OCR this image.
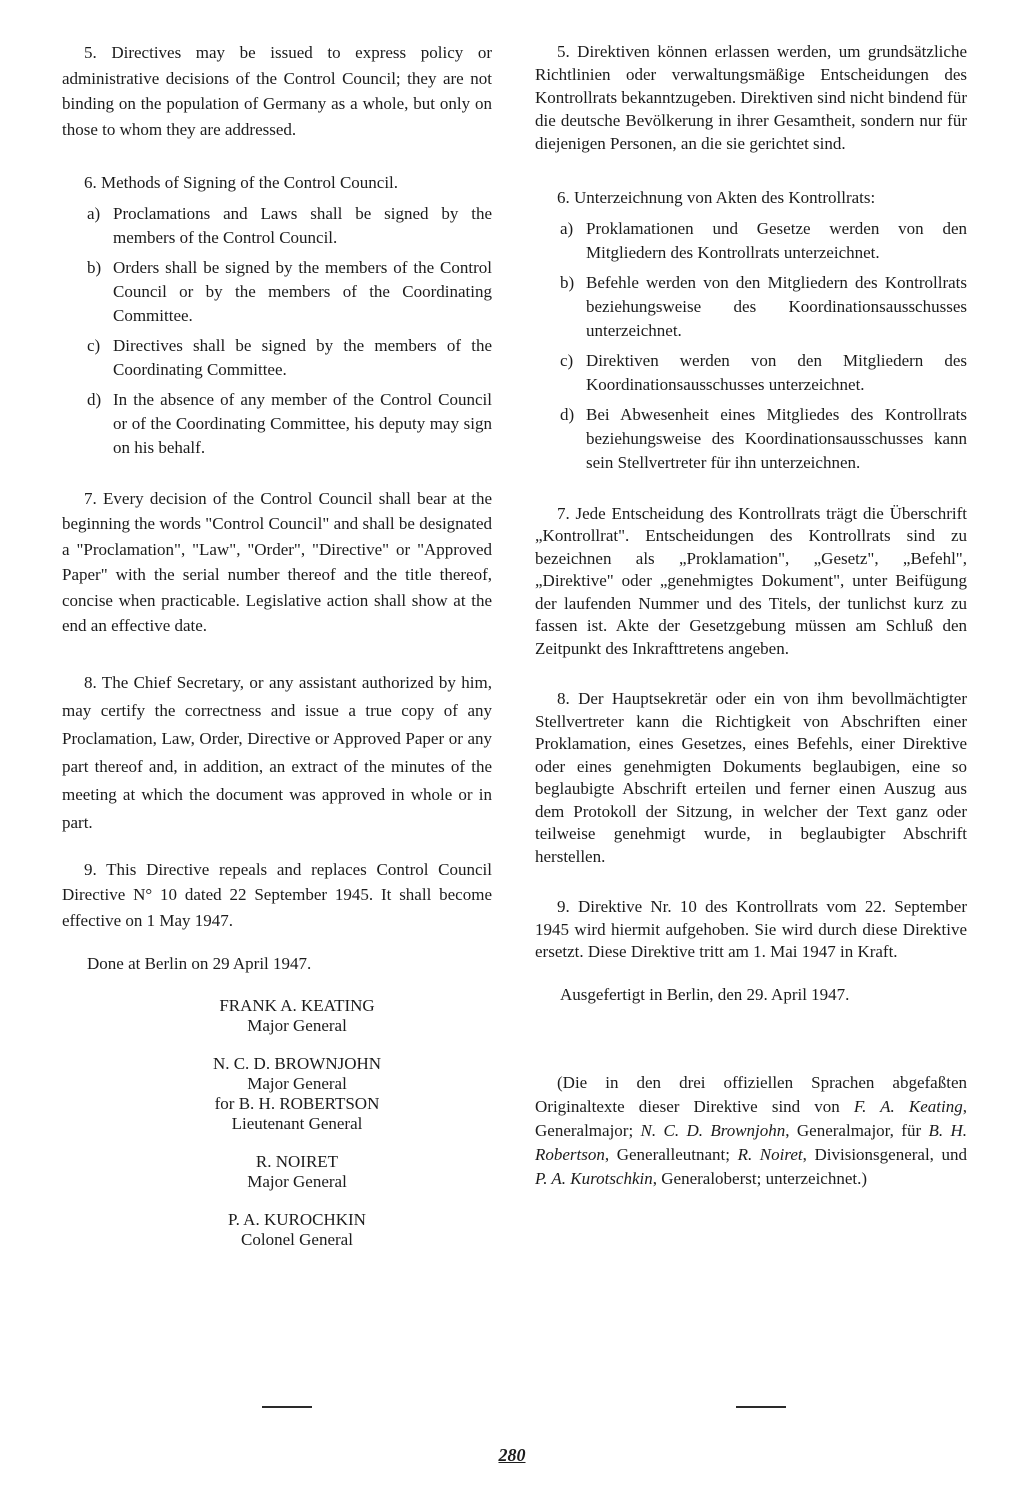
5. Directives may be issued to express policy or administrative decisions of the Control Council; they are not binding on the population of Germany as a whole, but only on those to whom they are addressed.

6. Methods of Signing of the Control Council.

a) Proclamations and Laws shall be signed by the members of the Control Council.
b) Orders shall be signed by the members of the Control Council or by the members of the Coordinating Committee.
c) Directives shall be signed by the members of the Coordinating Committee.
d) In the absence of any member of the Control Council or of the Coordinating Committee, his deputy may sign on his behalf.

7. Every decision of the Control Council shall bear at the beginning the words "Control Council" and shall be designated a "Proclamation", "Law", "Order", "Directive" or "Approved Paper" with the serial number thereof and the title thereof, concise when practicable. Legislative action shall show at the end an effective date.

8. The Chief Secretary, or any assistant authorized by him, may certify the correctness and issue a true copy of any Proclamation, Law, Order, Directive or Approved Paper or any part thereof and, in addition, an extract of the minutes of the meeting at which the document was approved in whole or in part.

9. This Directive repeals and replaces Control Council Directive N° 10 dated 22 September 1945. It shall become effective on 1 May 1947.

Done at Berlin on 29 April 1947.

FRANK A. KEATING
Major General
N. C. D. BROWNJOHN
Major General
for B. H. ROBERTSON
Lieutenant General
R. NOIRET
Major General
P. A. KUROCHKIN
Colonel General

5. Direktiven können erlassen werden, um grundsätzliche Richtlinien oder verwaltungsmäßige Entscheidungen des Kontrollrats bekanntzugeben. Direktiven sind nicht bindend für die deutsche Bevölkerung in ihrer Gesamtheit, sondern nur für diejenigen Personen, an die sie gerichtet sind.

6. Unterzeichnung von Akten des Kontrollrats:

a) Proklamationen und Gesetze werden von den Mitgliedern des Kontrollrats unterzeichnet.
b) Befehle werden von den Mitgliedern des Kontrollrats beziehungsweise des Koordinationsausschusses unterzeichnet.
c) Direktiven werden von den Mitgliedern des Koordinationsausschusses unterzeichnet.
d) Bei Abwesenheit eines Mitgliedes des Kontrollrats beziehungsweise des Koordinationsausschusses kann sein Stellvertreter für ihn unterzeichnen.

7. Jede Entscheidung des Kontrollrats trägt die Überschrift „Kontrollrat". Entscheidungen des Kontrollrats sind zu bezeichnen als „Proklamation", „Gesetz", „Befehl", „Direktive" oder „genehmigtes Dokument", unter Beifügung der laufenden Nummer und des Titels, der tunlichst kurz zu fassen ist. Akte der Gesetzgebung müssen am Schluß den Zeitpunkt des Inkrafttretens angeben.

8. Der Hauptsekretär oder ein von ihm bevollmächtigter Stellvertreter kann die Richtigkeit von Abschriften einer Proklamation, eines Gesetzes, eines Befehls, einer Direktive oder eines genehmigten Dokuments beglaubigen, eine so beglaubigte Abschrift erteilen und ferner einen Auszug aus dem Protokoll der Sitzung, in welcher der Text ganz oder teilweise genehmigt wurde, in beglaubigter Abschrift herstellen.

9. Direktive Nr. 10 des Kontrollrats vom 22. September 1945 wird hiermit aufgehoben. Sie wird durch diese Direktive ersetzt. Diese Direktive tritt am 1. Mai 1947 in Kraft.

Ausgefertigt in Berlin, den 29. April 1947.

(Die in den drei offiziellen Sprachen abgefaßten Originaltexte dieser Direktive sind von F. A. Keating, Generalmajor; N. C. D. Brownjohn, Generalmajor, für B. H. Robertson, Generalleutnant; R. Noiret, Divisionsgeneral, und P. A. Kurotschkin, Generaloberst; unterzeichnet.)

280
